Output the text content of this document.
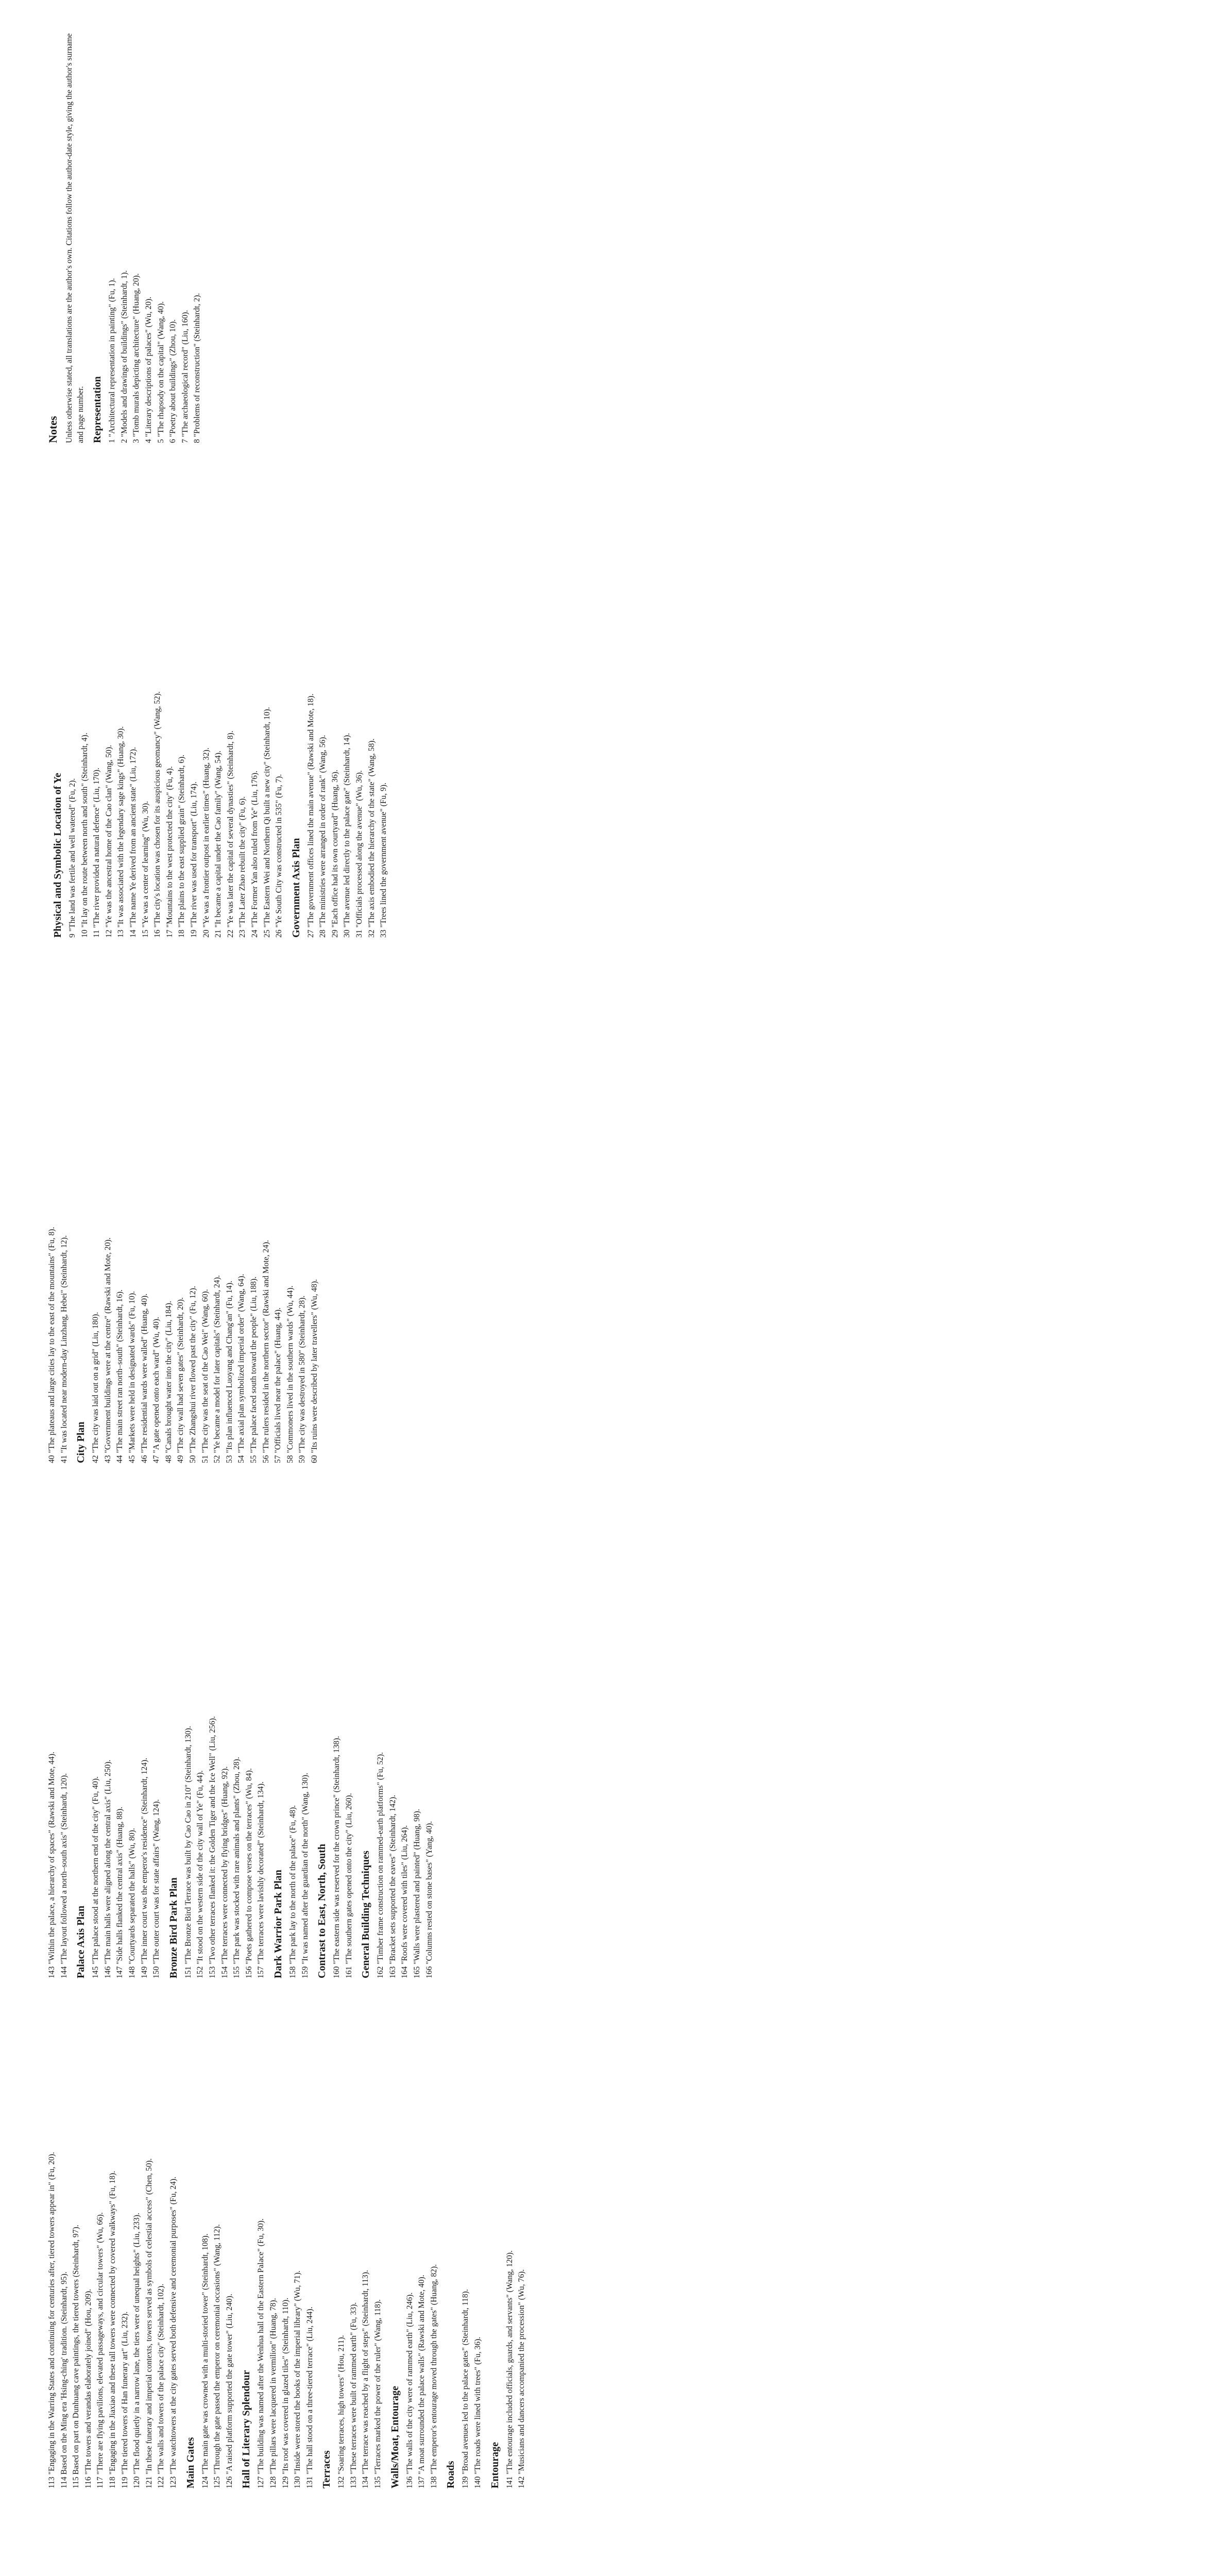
113 "Engaging in the Warring States and continuing for centuries after, tiered towers appear in" (Fu, 20). 114 Based on the Ming era 'Hsing-ching' tradition. (Steinhardt, 95). 115 Based on part on Dunhuang cave paintings, the tiered towers (Steinhardt, 97). 116 "The towers and verandas elaborately joined" (Hou, 209). 117 "There are flying pavilions, elevated passageways, and circular towers" (Wu, 66). 118 "Engaging in the Jiaxiao and these tall towers were connected by covered walkways" (Fu, 18). 119 "The tiered towers of Han funerary art" (Liu, 232). 120 "The flood quietly in a narrow lane, the tiers were of unequal heights" (Liu, 233). 121 "In these funerary and imperial contexts, towers served as symbols of celestial access" (Chen, 50). 122 "The walls and towers of the palace city" (Steinhardt, 102). 123 "The watchtowers at the city gates served both defensive and ceremonial purposes" (Fu, 24). Main Gates 124 "The main gate was crowned with a multi-storied tower" (Steinhardt, 108). 125 "Through the gate passed the emperor on ceremonial occasions" (Wang, 112). 126 "A raised platform supported the gate tower" (Liu, 240). Hall of Literary Splendour 127 "The building was named after the Wenhua hall of the Eastern Palace" (Fu, 30). 128 "The pillars were lacquered in vermilion" (Huang, 78). 129 "Its roof was covered in glazed tiles" (Steinhardt, 110). 130 "Inside were stored the books of the imperial library" (Wu, 71). 131 "The hall stood on a three-tiered terrace" (Liu, 244). Terraces 132 "Soaring terraces, high towers" (Hou, 211). 133 "These terraces were built of rammed earth" (Fu, 33). 134 "The terrace was reached by a flight of steps" (Steinhardt, 113). 135 "Terraces marked the power of the ruler" (Wang, 118). Walls/Moat, Entourage 136 "The walls of the city were of rammed earth" (Liu, 246). 137 "A moat surrounded the palace walls" (Rawski and Mote, 40). 138 "The emperor's entourage moved through the gates" (Huang, 82). Roads 139 "Broad avenues led to the palace gates" (Steinhardt, 118). 140 "The roads were lined with trees" (Fu, 36). Entourage 141 "The entourage included officials, guards, and servants" (Wang, 120). 142 "Musicians and dancers accompanied the procession" (Wu, 76).

143 "Within the palace, a hierarchy of spaces" (Rawski and Mote, 44). 144 "The layout followed a north–south axis" (Steinhardt, 120). Palace Axis Plan 145 "The palace stood at the northern end of the city" (Fu, 40). 146 "The main halls were aligned along the central axis" (Liu, 250). 147 "Side halls flanked the central axis" (Huang, 88). 148 "Courtyards separated the halls" (Wu, 80). 149 "The inner court was the emperor's residence" (Steinhardt, 124). 150 "The outer court was for state affairs" (Wang, 124). Bronze Bird Park Plan 151 "The Bronze Bird Terrace was built by Cao Cao in 210" (Steinhardt, 130). 152 "It stood on the western side of the city wall of Ye" (Fu, 44). 153 "Two other terraces flanked it: the Golden Tiger and the Ice Well" (Liu, 256). 154 "The terraces were connected by flying bridges" (Huang, 92). 155 "The park was stocked with rare animals and plants" (Zhou, 28). 156 "Poets gathered to compose verses on the terraces" (Wu, 84). 157 "The terraces were lavishly decorated" (Steinhardt, 134). Dark Warrior Park Plan 158 "The park lay to the north of the palace" (Fu, 48). 159 "It was named after the guardian of the north" (Wang, 130). Contrast to East, North, South 160 "The eastern side was reserved for the crown prince" (Steinhardt, 138). 161 "The southern gates opened onto the city" (Liu, 260). General Building Techniques 162 "Timber frame construction on rammed-earth platforms" (Fu, 52). 163 "Bracket sets supported the eaves" (Steinhardt, 142). 164 "Roofs were covered with tiles" (Liu, 264). 165 "Walls were plastered and painted" (Huang, 98). 166 "Columns rested on stone bases" (Yang, 40).

40 "The plateaus and large cities lay to the east of the mountains" (Fu, 8). 41 "It was located near modern-day Linzhang, Hebei" (Steinhardt, 12). City Plan 42 "The city was laid out on a grid" (Liu, 180). 43 "Government buildings were at the centre" (Rawski and Mote, 20). 44 "The main street ran north–south" (Steinhardt, 16). 45 "Markets were held in designated wards" (Fu, 10). 46 "The residential wards were walled" (Huang, 40). 47 "A gate opened onto each ward" (Wu, 40). 48 "Canals brought water into the city" (Liu, 184). 49 "The city wall had seven gates" (Steinhardt, 20). 50 "The Zhangshui river flowed past the city" (Fu, 12). 51 "The city was the seat of the Cao Wei" (Wang, 60). 52 "Ye became a model for later capitals" (Steinhardt, 24). 53 "Its plan influenced Luoyang and Chang'an" (Fu, 14). 54 "The axial plan symbolized imperial order" (Wang, 64). 55 "The palace faced south toward the people" (Liu, 188). 56 "The rulers resided in the northern sector" (Rawski and Mote, 24). 57 "Officials lived near the palace" (Huang, 44). 58 "Commoners lived in the southern wards" (Wu, 44). 59 "The city was destroyed in 580" (Steinhardt, 28). 60 "Its ruins were described by later travellers" (Wu, 48).

Physical and Symbolic Location of Ye 9 "The land was fertile and well watered" (Fu, 2). 10 "It lay on the route between north and south" (Steinhardt, 4). 11 "The river provided a natural defence" (Liu, 170). 12 "Ye was the ancestral home of the Cao clan" (Wang, 50). 13 "It was associated with the legendary sage kings" (Huang, 30). 14 "The name Ye derived from an ancient state" (Liu, 172). 15 "Ye was a center of learning" (Wu, 30). 16 "The city's location was chosen for its auspicious geomancy" (Wang, 52). 17 "Mountains to the west protected the city" (Fu, 4). 18 "The plains to the east supplied grain" (Steinhardt, 6). 19 "The river was used for transport" (Liu, 174). 20 "Ye was a frontier outpost in earlier times" (Huang, 32). 21 "It became a capital under the Cao family" (Wang, 54). 22 "Ye was later the capital of several dynasties" (Steinhardt, 8). 23 "The Later Zhao rebuilt the city" (Fu, 6). 24 "The Former Yan also ruled from Ye" (Liu, 176). 25 "The Eastern Wei and Northern Qi built a new city" (Steinhardt, 10). 26 "Ye South City was constructed in 535" (Fu, 7). Government Axis Plan 27 "The government offices lined the main avenue" (Rawski and Mote, 18). 28 "The ministries were arranged in order of rank" (Wang, 56). 29 "Each office had its own courtyard" (Huang, 36). 30 "The avenue led directly to the palace gate" (Steinhardt, 14). 31 "Officials processed along the avenue" (Wu, 36). 32 "The axis embodied the hierarchy of the state" (Wang, 58). 33 "Trees lined the government avenue" (Fu, 9).

Notes Unless otherwise stated, all translations are the author's own. Citations follow the author-date style, giving the author's surname and page number. Representation 1 "Architectural representation in painting" (Fu, 1). 2 "Models and drawings of buildings" (Steinhardt, 1). 3 "Tomb murals depicting architecture" (Huang, 20). 4 "Literary descriptions of palaces" (Wu, 20). 5 "The rhapsody on the capital" (Wang, 40). 6 "Poetry about buildings" (Zhou, 10). 7 "The archaeological record" (Liu, 160). 8 "Problems of reconstruction" (Steinhardt, 2).
